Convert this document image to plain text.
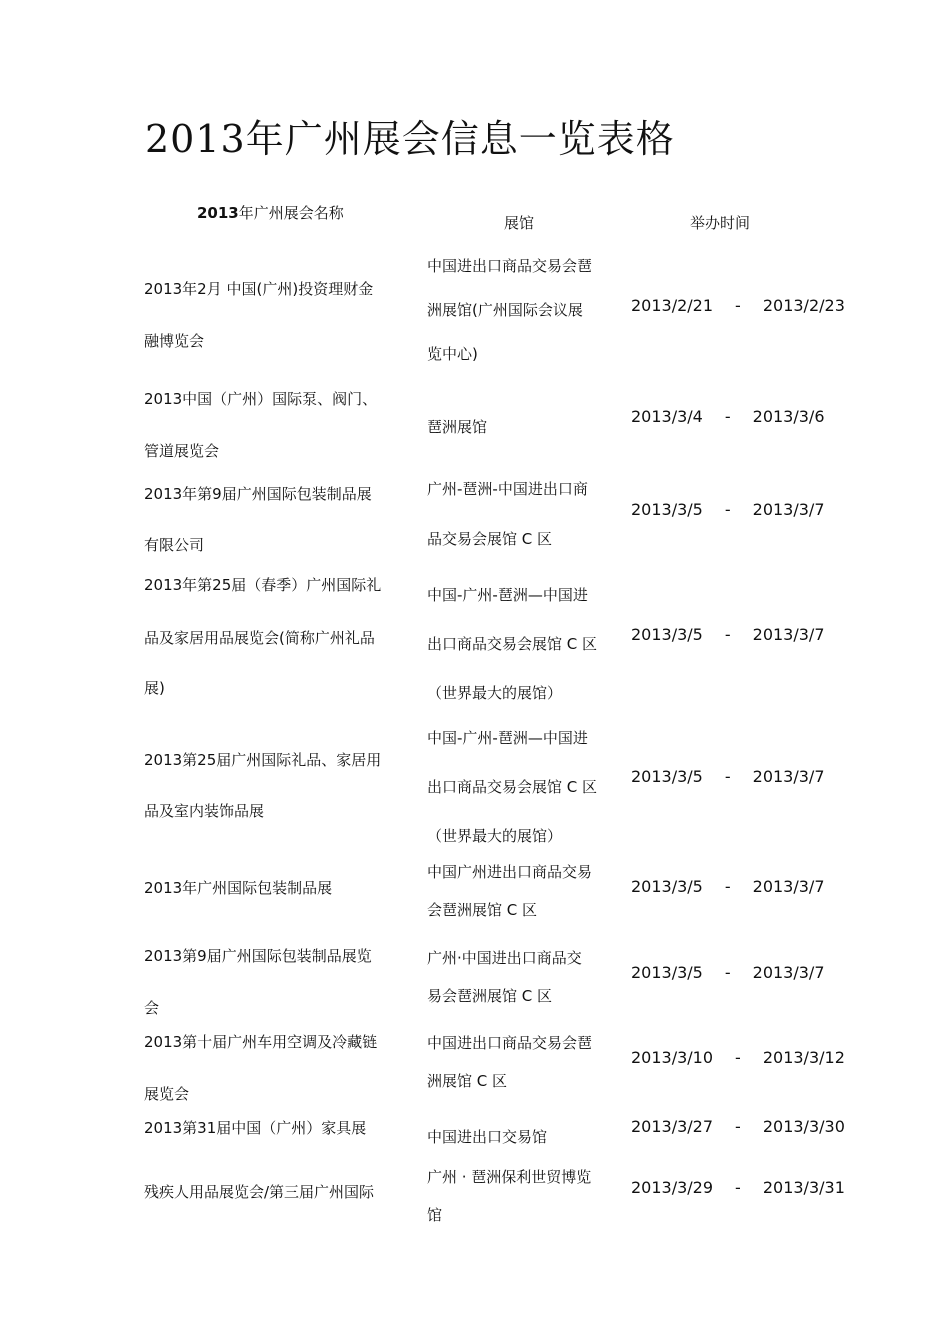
2013年广州展会信息一览表格
2013年广州展会名称
展馆	举办时间
2013年2月 中国(广州)投资理财金
融博览会
中国进出口商品交易会琶
洲展馆(广州国际会议展
览中心)
2013/2/21 - 2013/2/23
2013中国（广州）国际泵、阀门、
管道展览会
琶洲展馆
2013/3/4 - 2013/3/6
2013年第9届广州国际包装制品展
有限公司
广州-琶洲-中国进出口商
品交易会展馆 C 区
2013/3/5 - 2013/3/7
2013年第25届（春季）广州国际礼
品及家居用品展览会(简称广州礼品
展)
中国-广州-琶洲—中国进
出口商品交易会展馆 C 区
（世界最大的展馆）
2013/3/5 - 2013/3/7
2013第25届广州国际礼品、家居用
品及室内装饰品展
中国-广州-琶洲—中国进
出口商品交易会展馆 C 区
（世界最大的展馆）
2013/3/5 - 2013/3/7
2013年广州国际包装制品展
中国广州进出口商品交易
会琶洲展馆 C 区
2013/3/5 - 2013/3/7
2013第9届广州国际包装制品展览
会
广州·中国进出口商品交
易会琶洲展馆 C 区
2013/3/5 - 2013/3/7
2013第十届广州车用空调及冷藏链
展览会
中国进出口商品交易会琶
洲展馆 C 区
2013/3/10 - 2013/3/12
2013第31届中国（广州）家具展	中国进出口交易馆
2013/3/27 - 2013/3/30
残疾人用品展览会/第三届广州国际
广州 · 琶洲保利世贸博览
馆
2013/3/29 - 2013/3/31
